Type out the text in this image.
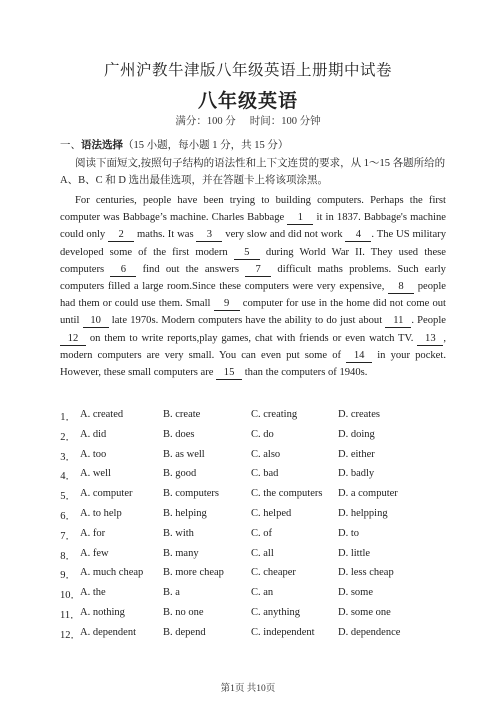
广州沪教牛津版八年级英语上册期中试卷
八年级英语
满分：100 分 时间：100 分钟
一、语法选择（15 小题，每小题 1 分，共 15 分）
阅读下面短文,按照句子结构的语法性和上下文连贯的要求，从 1～15 各题所给的 A、B、C 和 D 选出最佳选项，并在答题卡上将该项涂黑。
For centuries, people have been trying to building computers. Perhaps the first computer was Babbage’s machine. Charles Babbage 1 it in 1837. Babbage's machine could only 2 maths. It was 3 very slow and did not work 4 . The US military developed some of the first modern 5 during World War II. They used these computers 6 find out the answers 7 difficult maths problems. Such early computers filled a large room.Since these computers were very expensive, 8 people had them or could use them. Small 9 computer for use in the home did not come out until 10 late 1970s. Modern computers have the ability to do just about 11 . People 12 on them to write reports,play games, chat with friends or even watch TV. 13 , modern computers are very small. You can even put some of 14 in your pocket. However, these small computers are 15 than the computers of 1940s.
1． A. created	B. create	C. creating	D. creates
2． A. did	B. does	C. do	D. doing
3． A. too	B. as well	C. also	D. either
4． A. well	B. good	C. bad	D. badly
5． A. computer	B. computers	C. the computers D. a computer
6． A. to help	B. helping	C. helped	D. helpping
7． A. for	B. with	C. of	D. to
8． A. few	B. many	C. all	D. little
9． A. much cheap B. more cheap	C. cheaper	D. less cheap
10． A. the	B. a	C. an	D. some
11． A. nothing	B. no one	C. anything	D. some one
12． A. dependent	B. depend	C. independent D. dependence
第1页 共10页
